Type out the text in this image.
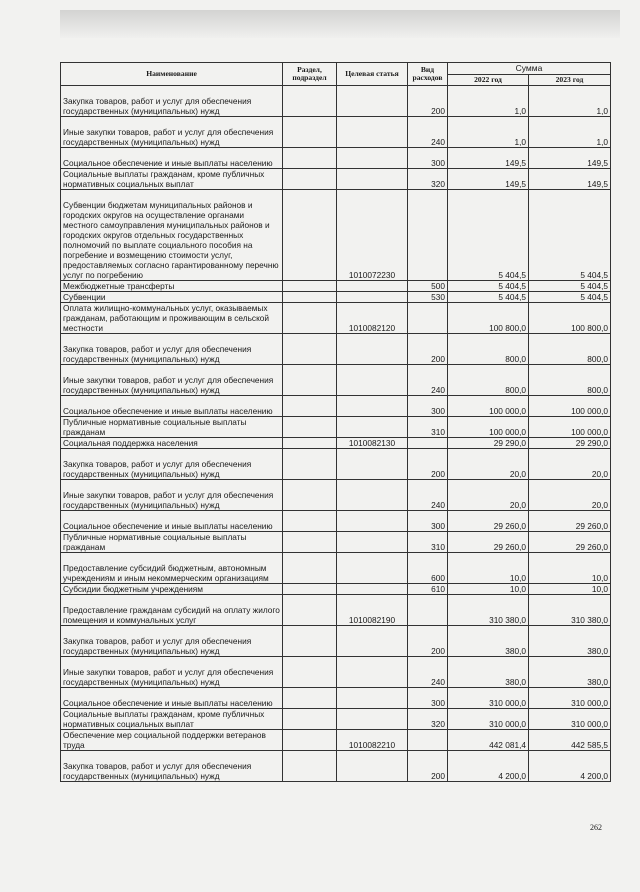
Наименование	Раздел, подраздел	Целевая статья	Вид расходов	Сумма	
				2022 год	2023 год
Закупка товаров, работ и услуг для обеспечения государственных (муниципальных) нужд			200	1,0	1,0
Иные закупки товаров, работ и услуг для обеспечения государственных (муниципальных) нужд			240	1,0	1,0
Социальное обеспечение и иные выплаты населению			300	149,5	149,5
Социальные выплаты гражданам, кроме публичных нормативных социальных выплат			320	149,5	149,5
Субвенции бюджетам муниципальных районов и городских округов на осуществление органами местного самоуправления муниципальных районов и городских округов отдельных государственных полномочий по выплате социального пособия на погребение и возмещению стоимости услуг, предоставляемых согласно гарантированному перечню услуг по погребению		1010072230		5 404,5	5 404,5
Межбюджетные трансферты			500	5 404,5	5 404,5
Субвенции			530	5 404,5	5 404,5
Оплата жилищно-коммунальных услуг, оказываемых гражданам, работающим и проживающим в сельской местности		1010082120		100 800,0	100 800,0
Закупка товаров, работ и услуг для обеспечения государственных (муниципальных) нужд			200	800,0	800,0
Иные закупки товаров, работ и услуг для обеспечения государственных (муниципальных) нужд			240	800,0	800,0
Социальное обеспечение и иные выплаты населению			300	100 000,0	100 000,0
Публичные нормативные социальные выплаты гражданам			310	100 000,0	100 000,0
Социальная поддержка населения		1010082130		29 290,0	29 290,0
Закупка товаров, работ и услуг для обеспечения государственных (муниципальных) нужд			200	20,0	20,0
Иные закупки товаров, работ и услуг для обеспечения государственных (муниципальных) нужд			240	20,0	20,0
Социальное обеспечение и иные выплаты населению			300	29 260,0	29 260,0
Публичные нормативные социальные выплаты гражданам			310	29 260,0	29 260,0
Предоставление субсидий бюджетным, автономным учреждениям и иным некоммерческим организациям			600	10,0	10,0
Субсидии бюджетным учреждениям			610	10,0	10,0
Предоставление гражданам субсидий на оплату жилого помещения и коммунальных услуг		1010082190		310 380,0	310 380,0
Закупка товаров, работ и услуг для обеспечения государственных (муниципальных) нужд			200	380,0	380,0
Иные закупки товаров, работ и услуг для обеспечения государственных (муниципальных) нужд			240	380,0	380,0
Социальное обеспечение и иные выплаты населению			300	310 000,0	310 000,0
Социальные выплаты гражданам, кроме публичных нормативных социальных выплат			320	310 000,0	310 000,0
Обеспечение мер социальной поддержки ветеранов труда		1010082210		442 081,4	442 585,5
Закупка товаров, работ и услуг для обеспечения государственных (муниципальных) нужд			200	4 200,0	4 200,0
262
